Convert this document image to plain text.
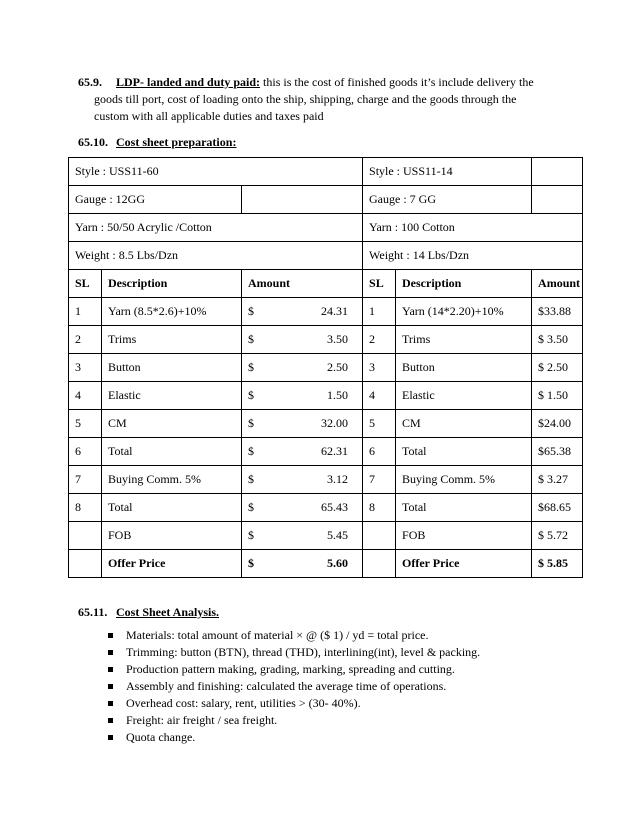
65.9. LDP- landed and duty paid: this is the cost of finished goods it’s include delivery the
goods till port, cost of loading onto the ship, shipping, charge and the goods through the
custom with all applicable duties and taxes paid
65.10. Cost sheet preparation:
Style : USS11-60			Style : USS11-14		
Gauge : 12GG			Gauge : 7 GG		
Yarn : 50/50 Acrylic /Cotton			Yarn : 100 Cotton		
Weight : 8.5 Lbs/Dzn			Weight : 14 Lbs/Dzn		
SL	Description	Amount	SL	Description	Amount
1	Yarn (8.5*2.6)+10%	$ 24.31	1	Yarn (14*2.20)+10%	$ 33.88

2	Trims	$ 3.50	2	Trims	$ 3.50

3	Button	$ 2.50	3	Button	$ 2.50

4	Elastic	$ 1.50	4	Elastic	$ 1.50

5	CM	$ 32.00	5	CM	$ 24.00

6	Total	$ 62.31	6	Total	$ 65.38

7	Buying Comm. 5%	$ 3.12	7	Buying Comm. 5%	$ 3.27

8	Total	$ 65.43	8	Total	$ 68.65

	FOB	$ 5.45		FOB	$ 5.72

	Offer Price	$ 5.60		Offer Price	$ 5.85
65.11. Cost Sheet Analysis.
Materials: total amount of material × @ ($ 1) / yd = total price.
Trimming: button (BTN), thread (THD), interlining(int), level & packing.
Production pattern making, grading, marking, spreading and cutting.
Assembly and finishing: calculated the average time of operations.
Overhead cost: salary, rent, utilities > (30- 40%).
Freight: air freight / sea freight.
Quota change.
